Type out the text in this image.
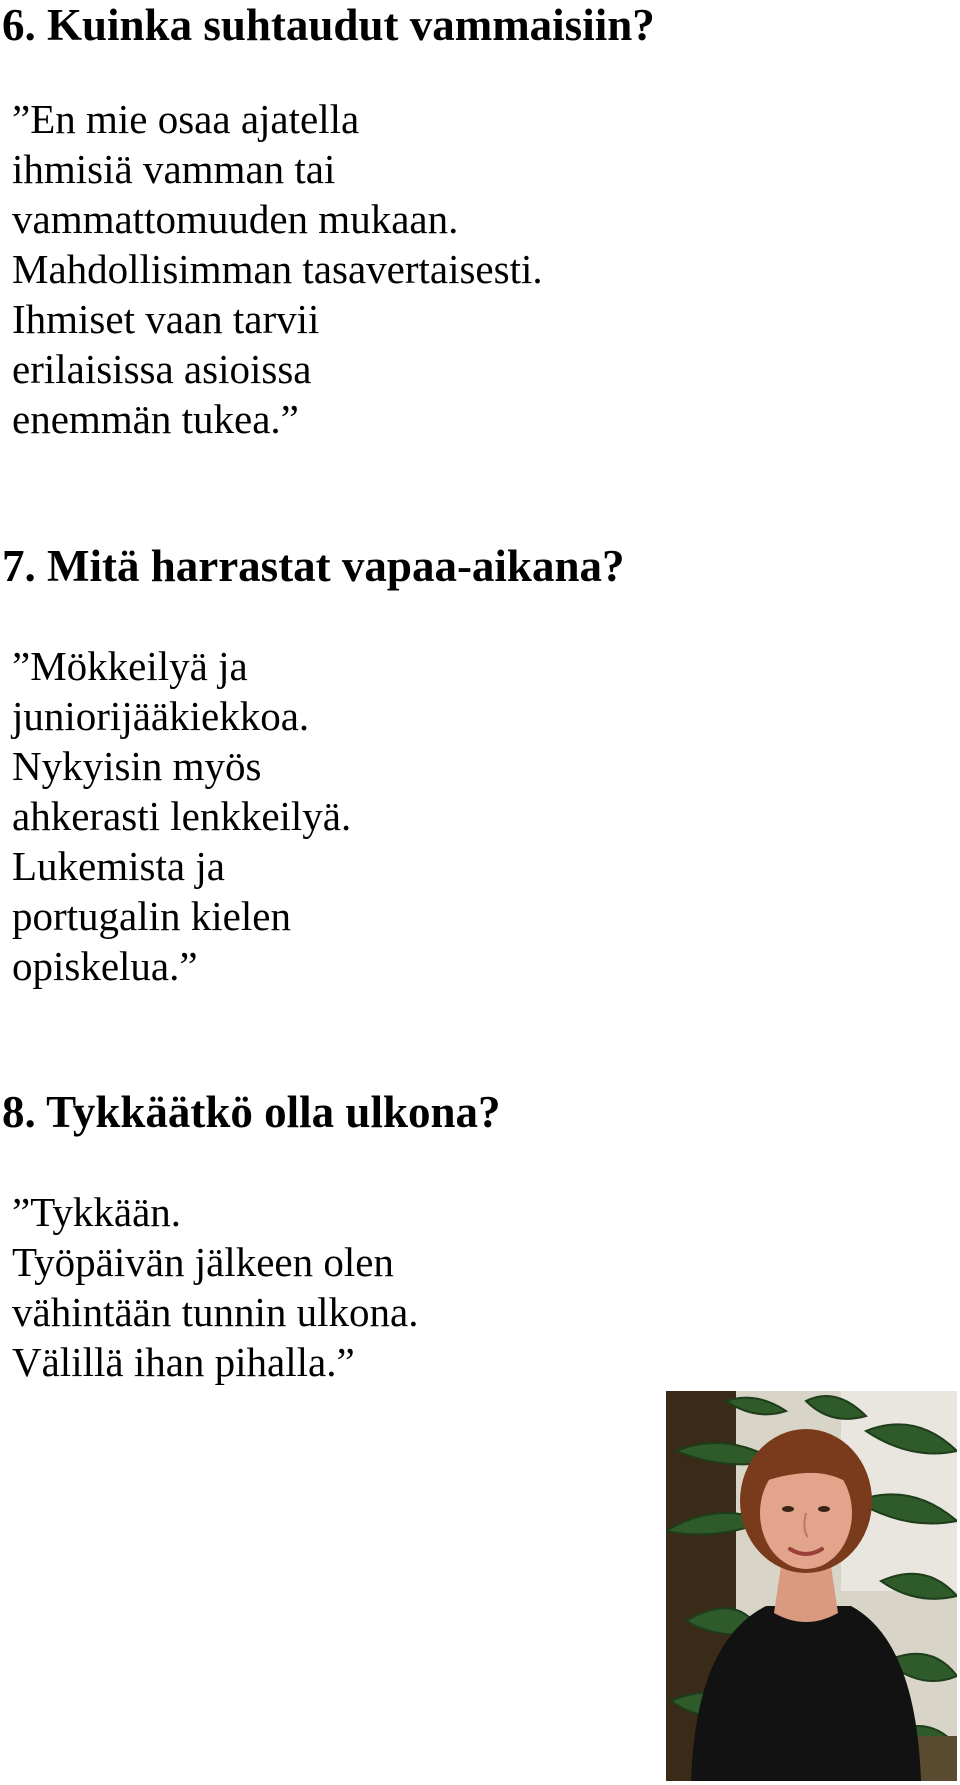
6. Kuinka suhtaudut vammaisiin?
”En mie osaa ajatella
ihmisiä vamman tai
vammattomuuden mukaan.
Mahdollisimman tasavertaisesti.
Ihmiset vaan tarvii
erilaisissa asioissa
enemmän tukea.”
7. Mitä harrastat vapaa-aikana?
”Mökkeilyä ja
juniorijääkiekkoa.
Nykyisin myös
ahkerasti lenkkeilyä.
Lukemista ja
portugalin kielen
opiskelua.”
8. Tykkäätkö olla ulkona?
”Tykkään.
Työpäivän jälkeen olen
vähintään tunnin ulkona.
Välillä ihan pihalla.”
